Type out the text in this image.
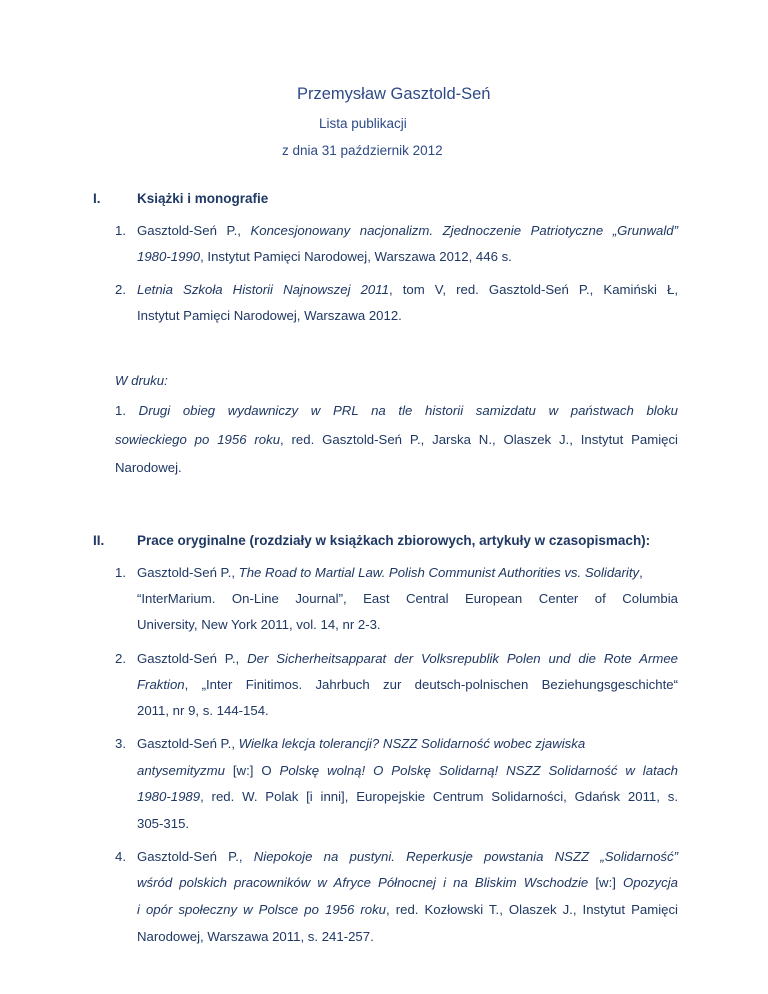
Przemysław Gasztold-Seń
Lista publikacji
z dnia 31 październik 2012
I.	Książki i monografie
1. Gasztold-Seń P., Koncesjonowany nacjonalizm. Zjednoczenie Patriotyczne „Grunwald”
1980-1990, Instytut Pamięci Narodowej, Warszawa 2012, 446 s.
2. Letnia Szkoła Historii Najnowszej 2011, tom V, red. Gasztold-Seń P., Kamiński Ł,
Instytut Pamięci Narodowej, Warszawa 2012.
W druku:
1. Drugi obieg wydawniczy w PRL na tle historii samizdatu w państwach bloku
sowieckiego po 1956 roku, red. Gasztold-Seń P., Jarska N., Olaszek J., Instytut Pamięci
Narodowej.
II. Prace oryginalne (rozdziały w książkach zbiorowych, artykuły w czasopismach):
1. Gasztold-Seń P., The Road to Martial Law. Polish Communist Authorities vs. Solidarity,
“InterMarium. On-Line Journal”, East Central European Center of Columbia
University, New York 2011, vol. 14, nr 2-3.
2. Gasztold-Seń P., Der Sicherheitsapparat der Volksrepublik Polen und die Rote Armee
Fraktion, „Inter Finitimos. Jahrbuch zur deutsch-polnischen Beziehungsgeschichte“
2011, nr 9, s. 144-154.
3. Gasztold-Seń P., Wielka lekcja tolerancji? NSZZ Solidarność wobec zjawiska
antysemityzmu [w:] O Polskę wolną! O Polskę Solidarną! NSZZ Solidarność w latach
1980-1989, red. W. Polak [i inni], Europejskie Centrum Solidarności, Gdańsk 2011, s.
305-315.
4. Gasztold-Seń P., Niepokoje na pustyni. Reperkusje powstania NSZZ „Solidarność”
wśród polskich pracowników w Afryce Północnej i na Bliskim Wschodzie [w:] Opozycja
i opór społeczny w Polsce po 1956 roku, red. Kozłowski T., Olaszek J., Instytut Pamięci
Narodowej, Warszawa 2011, s. 241-257.
